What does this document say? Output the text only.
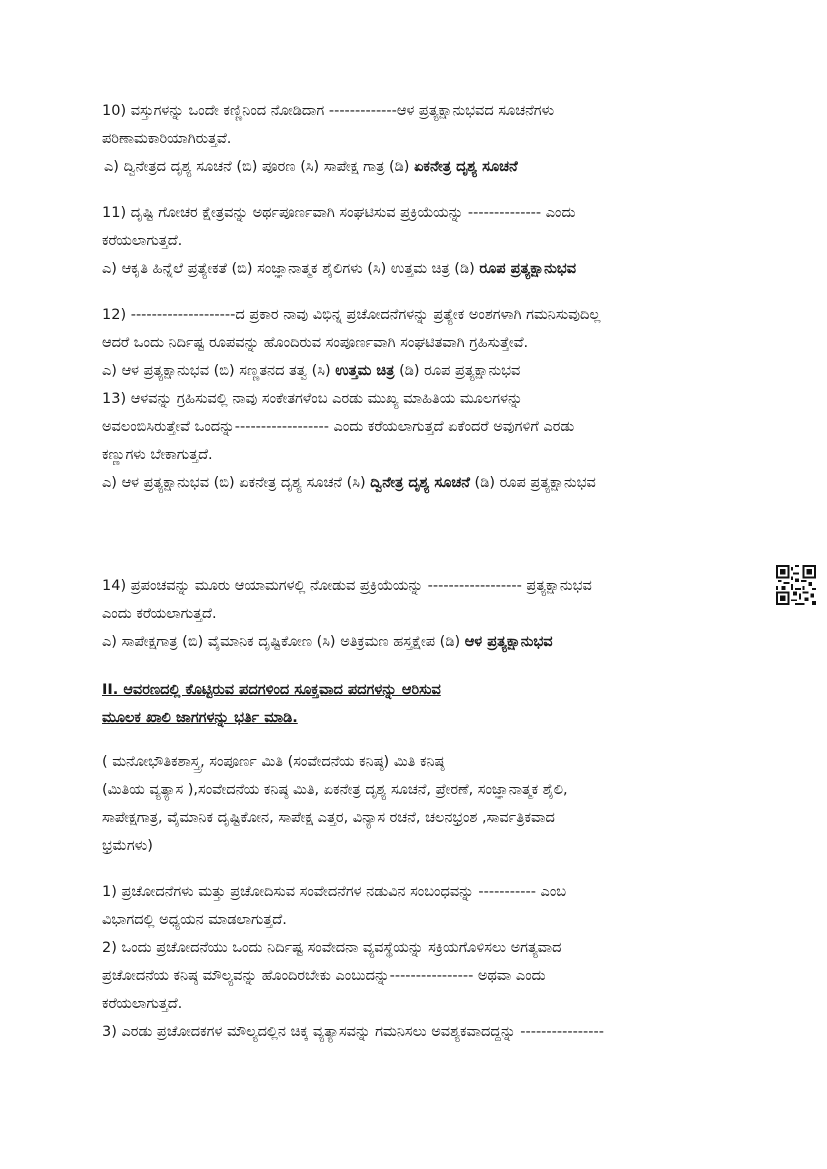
10) ವಸ್ತುಗಳನ್ನು ಒಂದೇ ಕಣ್ಣಿನಿಂದ ನೋಡಿದಾಗ -------------ಆಳ ಪ್ರತ್ಯಕ್ಷಾನುಭವದ ಸೂಚನೆಗಳು
ಪರಿಣಾಮಕಾರಿಯಾಗಿರುತ್ತವೆ.
ಎ) ದ್ವಿನೇತ್ರದ ದೃಶ್ಯ ಸೂಚನೆ (ಬಿ) ಪೂರಣ (ಸಿ) ಸಾಪೇಕ್ಷ ಗಾತ್ರ (ಡಿ) ಏಕನೇತ್ರ ದೃಶ್ಯ ಸೂಚನೆ
11) ದೃಷ್ಟಿ ಗೋಚರ ಕ್ಷೇತ್ರವನ್ನು ಅರ್ಥಪೂರ್ಣವಾಗಿ ಸಂಘಟಿಸುವ ಪ್ರಕ್ರಿಯೆಯನ್ನು -------------- ಎಂದು
ಕರೆಯಲಾಗುತ್ತದೆ.
ಎ) ಆಕೃತಿ ಹಿನ್ನೆಲೆ ಪ್ರತ್ಯೇಕತೆ (ಬಿ) ಸಂಜ್ಞಾನಾತ್ಮಕ ಶೈಲಿಗಳು (ಸಿ) ಉತ್ತಮ ಚಿತ್ರ (ಡಿ) ರೂಪ ಪ್ರತ್ಯಕ್ಷಾನುಭವ
12) --------------------ದ ಪ್ರಕಾರ ನಾವು ವಿಭಿನ್ನ ಪ್ರಚೋದನೆಗಳನ್ನು ಪ್ರತ್ಯೇಕ ಅಂಶಗಳಾಗಿ ಗಮನಿಸುವುದಿಲ್ಲ
ಆದರೆ ಒಂದು ನಿರ್ದಿಷ್ಟ ರೂಪವನ್ನು ಹೊಂದಿರುವ ಸಂಪೂರ್ಣವಾಗಿ ಸಂಘಟಿತವಾಗಿ ಗ್ರಹಿಸುತ್ತೇವೆ.
ಎ) ಆಳ ಪ್ರತ್ಯಕ್ಷಾನುಭವ (ಬಿ) ಸಣ್ಣತನದ ತತ್ವ (ಸಿ) ಉತ್ತಮ ಚಿತ್ರ (ಡಿ) ರೂಪ ಪ್ರತ್ಯಕ್ಷಾನುಭವ
13) ಆಳವನ್ನು ಗ್ರಹಿಸುವಲ್ಲಿ ನಾವು ಸಂಕೇತಗಳೆಂಬ ಎರಡು ಮುಖ್ಯ ಮಾಹಿತಿಯ ಮೂಲಗಳನ್ನು
ಅವಲಂಬಿಸಿರುತ್ತೇವೆ ಒಂದನ್ನು------------------ ಎಂದು ಕರೆಯಲಾಗುತ್ತದೆ ಏಕೆಂದರೆ ಅವುಗಳಿಗೆ ಎರಡು
ಕಣ್ಣುಗಳು ಬೇಕಾಗುತ್ತದೆ.
ಎ) ಆಳ ಪ್ರತ್ಯಕ್ಷಾನುಭವ (ಬಿ) ಏಕನೇತ್ರ ದೃಶ್ಯ ಸೂಚನೆ (ಸಿ) ದ್ವಿನೇತ್ರ ದೃಶ್ಯ ಸೂಚನೆ (ಡಿ) ರೂಪ ಪ್ರತ್ಯಕ್ಷಾನುಭವ
14) ಪ್ರಪಂಚವನ್ನು ಮೂರು ಆಯಾಮಗಳಲ್ಲಿ ನೋಡುವ ಪ್ರಕ್ರಿಯೆಯನ್ನು ------------------ ಪ್ರತ್ಯಕ್ಷಾನುಭವ
ಎಂದು ಕರೆಯಲಾಗುತ್ತದೆ.
ಎ) ಸಾಪೇಕ್ಷಗಾತ್ರ (ಬಿ) ವೈಮಾನಿಕ ದೃಷ್ಟಿಕೋಣ (ಸಿ) ಅತಿಕ್ರಮಣ ಹಸ್ತಕ್ಷೇಪ (ಡಿ) ಆಳ ಪ್ರತ್ಯಕ್ಷಾನುಭವ
II. ಆವರಣದಲ್ಲಿ ಕೊಟ್ಟಿರುವ ಪದಗಳಿಂದ ಸೂಕ್ತವಾದ ಪದಗಳನ್ನು ಆರಿಸುವ
ಮೂಲಕ ಖಾಲಿ ಜಾಗಗಳನ್ನು ಭರ್ತಿ ಮಾಡಿ.
( ಮನೋಭೌತಿಕಶಾಸ್ತ್ರ, ಸಂಪೂರ್ಣ ಮಿತಿ (ಸಂವೇದನೆಯ ಕನಿಷ್ಠ) ಮಿತಿ ಕನಿಷ್ಠ
(ಮಿತಿಯ ವ್ಯತ್ಯಾಸ ),ಸಂವೇದನೆಯ ಕನಿಷ್ಠ ಮಿತಿ, ಏಕನೇತ್ರ ದೃಶ್ಯ ಸೂಚನೆ, ಪ್ರೇರಣೆ, ಸಂಜ್ಞಾನಾತ್ಮಕ ಶೈಲಿ,
ಸಾಪೇಕ್ಷಗಾತ್ರ, ವೈಮಾನಿಕ ದೃಷ್ಟಿಕೋನ, ಸಾಪೇಕ್ಷ ಎತ್ತರ, ವಿನ್ಯಾಸ ರಚನೆ, ಚಲನಭ್ರಂಶ ,ಸಾರ್ವತ್ರಿಕವಾದ
ಭ್ರಮೆಗಳು)
1) ಪ್ರಚೋದನೆಗಳು ಮತ್ತು ಪ್ರಚೋದಿಸುವ ಸಂವೇದನೆಗಳ ನಡುವಿನ ಸಂಬಂಧವನ್ನು ----------- ಎಂಬ
ವಿಭಾಗದಲ್ಲಿ ಅಧ್ಯಯನ ಮಾಡಲಾಗುತ್ತದೆ.
2) ಒಂದು ಪ್ರಚೋದನೆಯು ಒಂದು ನಿರ್ದಿಷ್ಟ ಸಂವೇದನಾ ವ್ಯವಸ್ಥೆಯನ್ನು ಸಕ್ರಿಯಗೊಳಿಸಲು ಅಗತ್ಯವಾದ
ಪ್ರಚೋದನೆಯ ಕನಿಷ್ಠ ಮೌಲ್ಯವನ್ನು ಹೊಂದಿರಬೇಕು ಎಂಬುದನ್ನು---------------- ಅಥವಾ ಎಂದು
ಕರೆಯಲಾಗುತ್ತದೆ.
3) ಎರಡು ಪ್ರಚೋದಕಗಳ ಮೌಲ್ಯದಲ್ಲಿನ ಚಿಕ್ಕ ವ್ಯತ್ಯಾಸವನ್ನು ಗಮನಿಸಲು ಅವಶ್ಯಕವಾದದ್ದನ್ನು ----------------
